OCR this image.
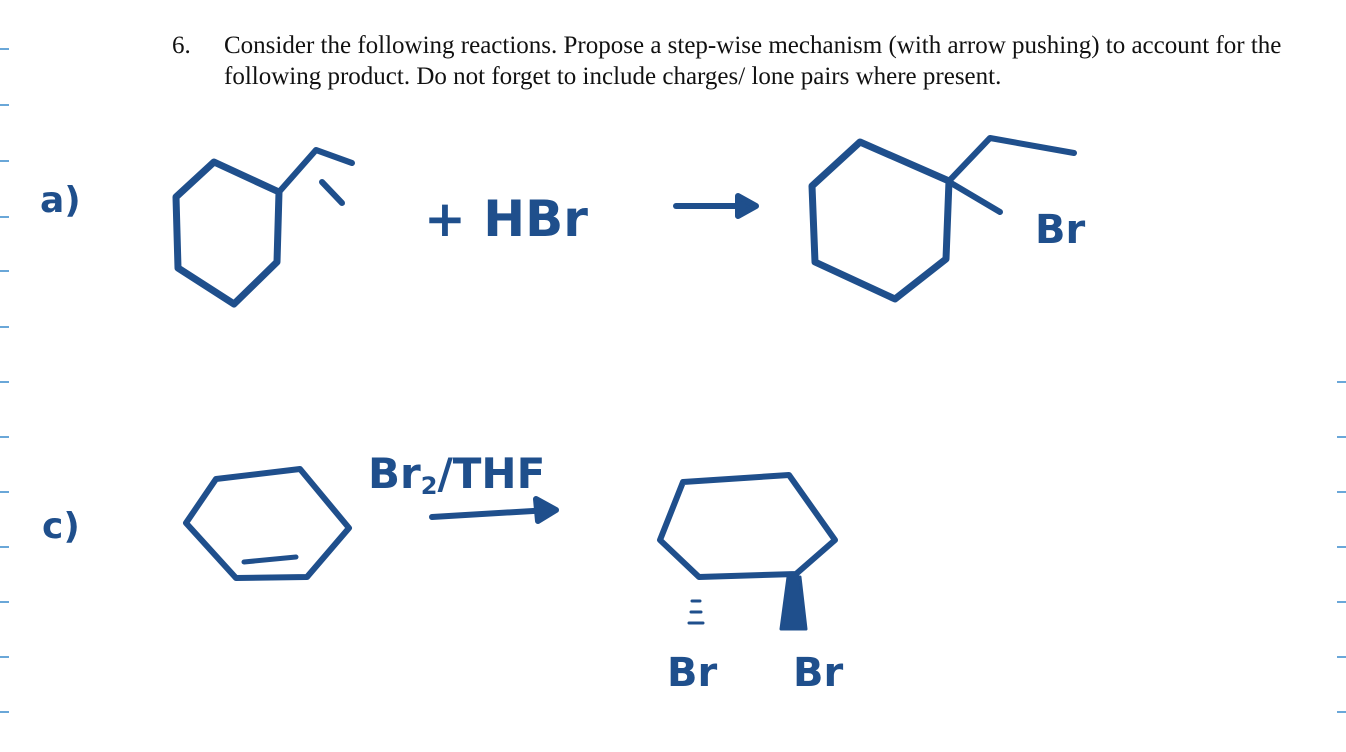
6. Consider the following reactions. Propose a step-wise mechanism (with arrow pushing) to account for the following product. Do not forget to include charges/ lone pairs where present.
a)	+ HBr	Br
c)
Br2/THF
Br Br
